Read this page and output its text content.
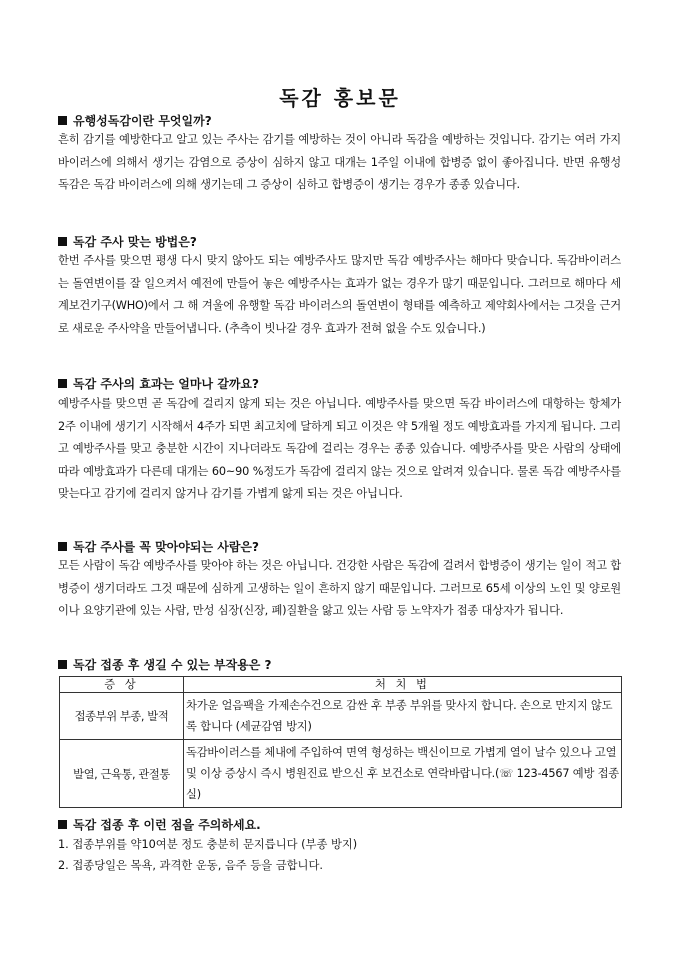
독감 홍보문
유행성독감이란 무엇일까?
흔히 감기를 예방한다고 알고 있는 주사는 감기를 예방하는 것이 아니라 독감을 예방하는 것입니다. 감기는 여러 가지 바이러스에 의해서 생기는 감염으로 증상이 심하지 않고 대개는 1주일 이내에 합병증 없이 좋아집니다. 반면 유행성 독감은 독감 바이러스에 의해 생기는데 그 증상이 심하고 합병증이 생기는 경우가 종종 있습니다.
독감 주사 맞는 방법은?
한번 주사를 맞으면 평생 다시 맞지 않아도 되는 예방주사도 많지만 독감 예방주사는 해마다 맞습니다. 독감바이러스는 돌연변이를 잘 일으켜서 예전에 만들어 놓은 예방주사는 효과가 없는 경우가 많기 때문입니다. 그러므로 해마다 세계보건기구(WHO)에서 그 해 겨울에 유행할 독감 바이러스의 돌연변이 형태를 예측하고 제약회사에서는 그것을 근거로 새로운 주사약을 만들어냅니다. (추측이 빗나갈 경우 효과가 전혀 없을 수도 있습니다.)
독감 주사의 효과는 얼마나 갈까요?
예방주사를 맞으면 곧 독감에 걸리지 않게 되는 것은 아닙니다. 예방주사를 맞으면 독감 바이러스에 대항하는 항체가 2주 이내에 생기기 시작해서 4주가 되면 최고치에 달하게 되고 이것은 약 5개월 정도 예방효과를 가지게 됩니다. 그리고 예방주사를 맞고 충분한 시간이 지나더라도 독감에 걸리는 경우는 종종 있습니다. 예방주사를 맞은 사람의 상태에 따라 예방효과가 다른데 대개는 60~90 %정도가 독감에 걸리지 않는 것으로 알려져 있습니다. 물론 독감 예방주사를 맞는다고 감기에 걸리지 않거나 감기를 가볍게 앓게 되는 것은 아닙니다.
독감 주사를 꼭 맞아야되는 사람은?
모든 사람이 독감 예방주사를 맞아야 하는 것은 아닙니다. 건강한 사람은 독감에 걸려서 합병증이 생기는 일이 적고 합병증이 생기더라도 그것 때문에 심하게 고생하는 일이 흔하지 않기 때문입니다. 그러므로 65세 이상의 노인 및 양로원이나 요양기관에 있는 사람, 만성 심장(신장, 폐)질환을 앓고 있는 사람 등 노약자가 접종 대상자가 됩니다.
독감 접종 후 생길 수 있는 부작용은 ?
증 상	처 치 법
접종부위 부종, 발적	차가운 얼음팩을 가제손수건으로 감싼 후 부종 부위를 맞사지 합니다. 손으로 만지지 않도록 합니다 (세균감염 방지)
발열, 근육통, 관절통	독감바이러스를 체내에 주입하여 면역 형성하는 백신이므로 가볍게 열이 날수 있으나 고열 및 이상 증상시 즉시 병원진료 받으신 후 보건소로 연락바랍니다.(☏ 123-4567 예방 접종실)
독감 접종 후 이런 점을 주의하세요.
1. 접종부위를 약10여분 정도 충분히 문지릅니다 (부종 방지)
2. 접종당일은 목욕, 과격한 운동, 음주 등을 금합니다.
